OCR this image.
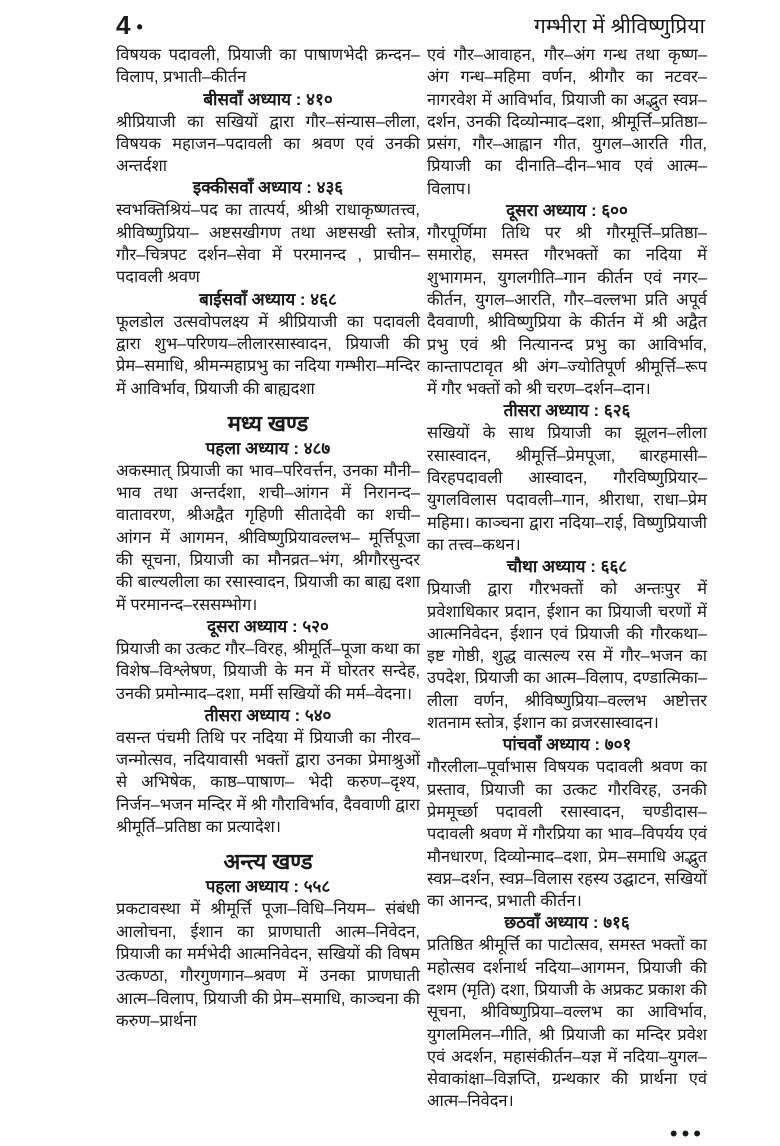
4 •	गम्भीरा में श्रीविष्णुप्रिया
विषयक पदावली, प्रियाजी का पाषाणभेदी क्रन्दन–विलाप, प्रभाती–कीर्तन
बीसवाँ अध्याय : ४१०
श्रीप्रियाजी का सखियों द्वारा गौर–संन्यास–लीला, विषयक महाजन–पदावली का श्रवण एवं उनकी अन्तर्दशा
इक्कीसवाँ अध्याय : ४३६
स्वभक्तिश्रियं–पद का तात्पर्य, श्रीश्री राधाकृष्णतत्त्व, श्रीविष्णुप्रिया– अष्टसखीगण तथा अष्टसखी स्तोत्र, गौर–चित्रपट दर्शन–सेवा में परमानन्द , प्राचीन–पदावली श्रवण
बाईसवाँ अध्याय : ४६८
फूलडोल उत्सवोपलक्ष्य में श्रीप्रियाजी का पदावली द्वारा शुभ–परिणय–लीलारसास्वादन, प्रियाजी की प्रेम–समाधि, श्रीमन्महाप्रभु का नदिया गम्भीरा–मन्दिर में आविर्भाव, प्रियाजी की बाह्यदशा
मध्य खण्ड
पहला अध्याय : ४८७
अकस्मात् प्रियाजी का भाव–परिवर्त्तन, उनका मौनी–भाव तथा अन्तर्दशा, शची–आंगन में निरानन्द–वातावरण, श्रीअद्वैत गृहिणी सीतादेवी का शची–आंगन में आगमन, श्रीविष्णुप्रियावल्लभ– मूर्त्तिपूजा की सूचना, प्रियाजी का मौनव्रत–भंग, श्रीगौरसुन्दर की बाल्यलीला का रसास्वादन, प्रियाजी का बाह्य दशा में परमानन्द–रससम्भोग।
दूसरा अध्याय : ५२०
प्रियाजी का उत्कट गौर–विरह, श्रीमूर्ति–पूजा कथा का विशेष–विश्लेषण, प्रियाजी के मन में घोरतर सन्देह, उनकी प्रमोन्माद–दशा, मर्मी सखियों की मर्म–वेदना।
तीसरा अध्याय : ५४०
वसन्त पंचमी तिथि पर नदिया में प्रियाजी का नीरव–जन्मोत्सव, नदियावासी भक्तों द्वारा उनका प्रेमाश्रुओं से अभिषेक, काष्ठ–पाषाण– भेदी करुण–दृश्य, निर्जन–भजन मन्दिर में श्री गौराविर्भाव, दैववाणी द्वारा श्रीमूर्ति–प्रतिष्ठा का प्रत्यादेश।
अन्त्य खण्ड
पहला अध्याय : ५५८
प्रकटावस्था में श्रीमूर्त्ति पूजा–विधि–नियम– संबंधी आलोचना, ईशान का प्राणघाती आत्म–निवेदन, प्रियाजी का मर्मभेदी आत्मनिवेदन, सखियों की विषम उत्कण्ठा, गौरगुणगान–श्रवण में उनका प्राणघाती आत्म–विलाप, प्रियाजी की प्रेम–समाधि, काञ्चना की करुण–प्रार्थना
एवं गौर–आवाहन, गौर–अंग गन्ध तथा कृष्ण–अंग गन्ध–महिमा वर्णन, श्रीगौर का नटवर–नागरवेश में आविर्भाव, प्रियाजी का अद्भुत स्वप्न–दर्शन, उनकी दिव्योन्माद–दशा, श्रीमूर्त्ति–प्रतिष्ठा–प्रसंग, गौर–आह्वान गीत, युगल–आरति गीत, प्रियाजी का दीनाति–दीन–भाव एवं आत्म–विलाप।
दूसरा अध्याय : ६००
गौरपूर्णिमा तिथि पर श्री गौरमूर्त्ति–प्रतिष्ठा–समारोह, समस्त गौरभक्तों का नदिया में शुभागमन, युगलगीति–गान कीर्तन एवं नगर–कीर्तन, युगल–आरति, गौर–वल्लभा प्रति अपूर्व दैववाणी, श्रीविष्णुप्रिया के कीर्तन में श्री अद्वैत प्रभु एवं श्री नित्यानन्द प्रभु का आविर्भाव, कान्तापटावृत श्री अंग–ज्योतिपूर्ण श्रीमूर्त्ति–रूप में गौर भक्तों को श्री चरण–दर्शन–दान।
तीसरा अध्याय : ६२६
सखियों के साथ प्रियाजी का झूलन–लीला रसास्वादन, श्रीमूर्त्ति–प्रेमपूजा, बारहमासी–विरहपदावली आस्वादन, गौरविष्णुप्रियार–युगलविलास पदावली–गान, श्रीराधा, राधा–प्रेम महिमा। काञ्चना द्वारा नदिया–राई, विष्णुप्रियाजी का तत्त्व–कथन।
चौथा अध्याय : ६६८
प्रियाजी द्वारा गौरभक्तों को अन्तःपुर में प्रवेशाधिकार प्रदान, ईशान का प्रियाजी चरणों में आत्मनिवेदन, ईशान एवं प्रियाजी की गौरकथा–इष्ट गोष्ठी, शुद्ध वात्सल्य रस में गौर–भजन का उपदेश, प्रियाजी का आत्म–विलाप, दण्डात्मिका–लीला वर्णन, श्रीविष्णुप्रिया–वल्लभ अष्टोत्तर शतनाम स्तोत्र, ईशान का व्रजरसास्वादन।
पांचवाँ अध्याय : ७०१
गौरलीला–पूर्वाभास विषयक पदावली श्रवण का प्रस्ताव, प्रियाजी का उत्कट गौरविरह, उनकी प्रेममूर्च्छा पदावली रसास्वादन, चण्डीदास–पदावली श्रवण में गौरप्रिया का भाव–विपर्यय एवं मौनधारण, दिव्योन्माद–दशा, प्रेम–समाधि अद्भुत स्वप्न–दर्शन, स्वप्न–विलास रहस्य उद्घाटन, सखियों का आनन्द, प्रभाती कीर्तन।
छठवाँ अध्याय : ७१६
प्रतिष्ठित श्रीमूर्त्ति का पाटोत्सव, समस्त भक्तों का महोत्सव दर्शनार्थ नदिया–आगमन, प्रियाजी की दशम (मृति) दशा, प्रियाजी के अप्रकट प्रकाश की सूचना, श्रीविष्णुप्रिया–वल्लभ का आविर्भाव, युगलमिलन–गीति, श्री प्रियाजी का मन्दिर प्रवेश एवं अदर्शन, महासंकीर्तन–यज्ञ में नदिया–युगल–सेवाकांक्षा–विज्ञप्ति, ग्रन्थकार की प्रार्थना एवं आत्म–निवेदन।
•••
